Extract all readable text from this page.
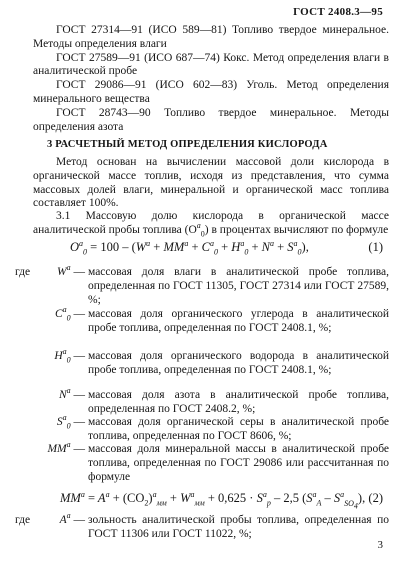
ГОСТ 2408.3—95
ГОСТ 27314—91 (ИСО 589—81) Топливо твердое минеральное. Методы определения влаги
ГОСТ 27589—91 (ИСО 687—74) Кокс. Метод определения влаги в аналитической пробе
ГОСТ 29086—91 (ИСО 602—83) Уголь. Метод определения минерального вещества
ГОСТ 28743—90 Топливо твердое минеральное. Методы определения азота
3 РАСЧЕТНЫЙ МЕТОД ОПРЕДЕЛЕНИЯ КИСЛОРОДА
Метод основан на вычислении массовой доли кислорода в органической массе топлив, исходя из представления, что сумма массовых долей влаги, минеральной и органической масс топлива составляет 100%.
3.1 Массовую долю кислорода в органической массе аналитической пробы топлива $(O^a_0)$ в процентах вычисляют по формуле
$O^a_0 = 100 - (W^a + MM^a + C^a_0 + H^a_0 + N^a + S^a_0)$,	(1)
где $W^a$ — массовая доля влаги в аналитической пробе топлива, определенная по ГОСТ 11305, ГОСТ 27314 или ГОСТ 27589, %;
$C^a_0$ — массовая доля органического углерода в аналитической пробе топлива, определенная по ГОСТ 2408.1, %;
$H^a_0$ — массовая доля органического водорода в аналитической пробе топлива, определенная по ГОСТ 2408.1, %;
$N^a$ — массовая доля азота в аналитической пробе топлива, определенная по ГОСТ 2408.2, %;
$S^a_0$ — массовая доля органической серы в аналитической пробе топлива, определенная по ГОСТ 8606, %;
$MM^a$ — массовая доля минеральной массы в аналитической пробе топлива, определенная по ГОСТ 29086 или рассчитанная по формуле
$MM^a = A^a + (CO_2)^a_{мм} + W^a_{мм} + 0,625 \cdot S^a_p - 2,5$ $(S^a_A - S^a_{SO_4})$, (2)
где	$A^a$ — зольность аналитической пробы топлива, определенная по ГОСТ 11306 или ГОСТ 11022, %;
3
